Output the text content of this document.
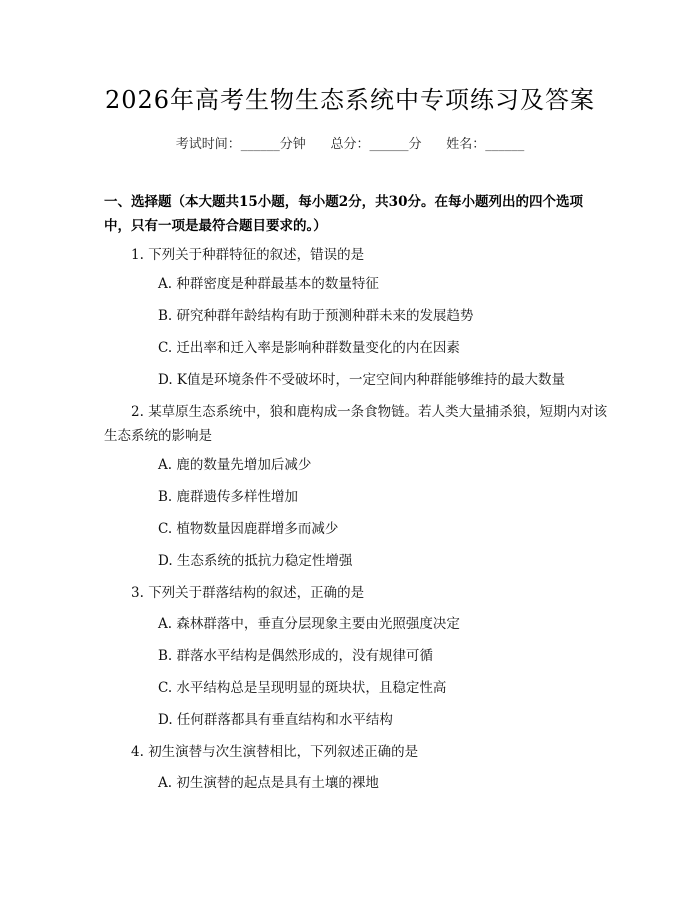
2026年高考生物生态系统中专项练习及答案
考试时间：______分钟      总分：______分      姓名：______
一、选择题（本大题共15小题，每小题2分，共30分。在每小题列出的四个选项中，只有一项是最符合题目要求的。）
1. 下列关于种群特征的叙述，错误的是
A. 种群密度是种群最基本的数量特征
B. 研究种群年龄结构有助于预测种群未来的发展趋势
C. 迁出率和迁入率是影响种群数量变化的内在因素
D. K值是环境条件不受破坏时，一定空间内种群能够维持的最大数量
2. 某草原生态系统中，狼和鹿构成一条食物链。若人类大量捕杀狼，短期内对该生态系统的影响是
A. 鹿的数量先增加后减少
B. 鹿群遗传多样性增加
C. 植物数量因鹿群增多而减少
D. 生态系统的抵抗力稳定性增强
3. 下列关于群落结构的叙述，正确的是
A. 森林群落中，垂直分层现象主要由光照强度决定
B. 群落水平结构是偶然形成的，没有规律可循
C. 水平结构总是呈现明显的斑块状，且稳定性高
D. 任何群落都具有垂直结构和水平结构
4. 初生演替与次生演替相比，下列叙述正确的是
A. 初生演替的起点是具有土壤的裸地
